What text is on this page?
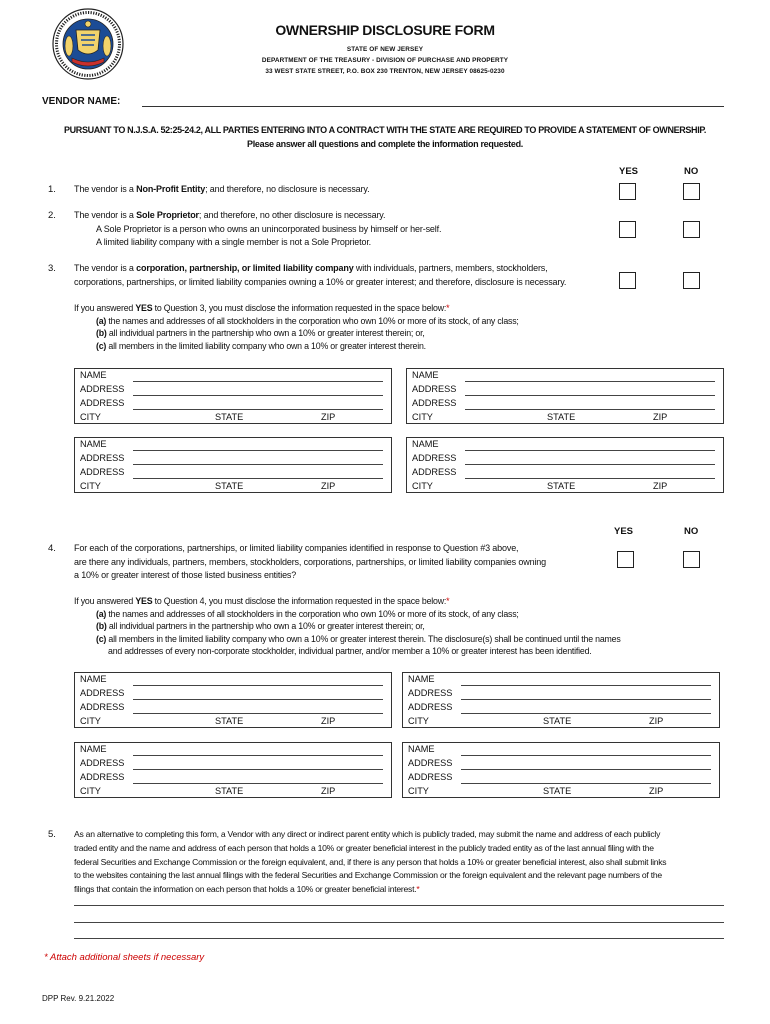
OWNERSHIP DISCLOSURE FORM
STATE OF NEW JERSEY
DEPARTMENT OF THE TREASURY - DIVISION OF PURCHASE AND PROPERTY
33 WEST STATE STREET, P.O. BOX 230 TRENTON, NEW JERSEY 08625-0230
VENDOR NAME:
PURSUANT TO N.J.S.A. 52:25-24.2, ALL PARTIES ENTERING INTO A CONTRACT WITH THE STATE ARE REQUIRED TO PROVIDE A STATEMENT OF OWNERSHIP.
Please answer all questions and complete the information requested.
YES	NO
1. The vendor is a Non-Profit Entity; and therefore, no disclosure is necessary.
2. The vendor is a Sole Proprietor; and therefore, no other disclosure is necessary.
A Sole Proprietor is a person who owns an unincorporated business by himself or her-self.
A limited liability company with a single member is not a Sole Proprietor.
3. The vendor is a corporation, partnership, or limited liability company with individuals, partners, members, stockholders,
corporations, partnerships, or limited liability companies owning a 10% or greater interest; and therefore, disclosure is necessary.
If you answered YES to Question 3, you must disclose the information requested in the space below:*
(a) the names and addresses of all stockholders in the corporation who own 10% or more of its stock, of any class;
(b) all individual partners in the partnership who own a 10% or greater interest therein; or,
(c) all members in the limited liability company who own a 10% or greater interest therein.
NAME
ADDRESS
ADDRESS
CITY	STATE	ZIP
NAME
ADDRESS
ADDRESS
CITY	STATE	ZIP
NAME
ADDRESS
ADDRESS
CITY	STATE	ZIP
NAME
ADDRESS
ADDRESS
CITY	STATE	ZIP
YES	NO
4. For each of the corporations, partnerships, or limited liability companies identified in response to Question #3 above,
are there any individuals, partners, members, stockholders, corporations, partnerships, or limited liability companies owning
a 10% or greater interest of those listed business entities?
If you answered YES to Question 4, you must disclose the information requested in the space below:*
(a) the names and addresses of all stockholders in the corporation who own 10% or more of its stock, of any class;
(b) all individual partners in the partnership who own a 10% or greater interest therein; or,
(c) all members in the limited liability company who own a 10% or greater interest therein. The disclosure(s) shall be continued until the names
and addresses of every non-corporate stockholder, individual partner, and/or member a 10% or greater interest has been identified.
NAME
ADDRESS
ADDRESS
CITY	STATE	ZIP
NAME
ADDRESS
ADDRESS
CITY	STATE	ZIP
NAME
ADDRESS
ADDRESS
CITY	STATE	ZIP
NAME
ADDRESS
ADDRESS
CITY	STATE	ZIP
5. As an alternative to completing this form, a Vendor with any direct or indirect parent entity which is publicly traded, may submit the name and address of each publicly
traded entity and the name and address of each person that holds a 10% or greater beneficial interest in the publicly traded entity as of the last annual filing with the
federal Securities and Exchange Commission or the foreign equivalent, and, if there is any person that holds a 10% or greater beneficial interest, also shall submit links
to the websites containing the last annual filings with the federal Securities and Exchange Commission or the foreign equivalent and the relevant page numbers of the
filings that contain the information on each person that holds a 10% or greater beneficial interest.*
* Attach additional sheets if necessary
DPP Rev. 9.21.2022
